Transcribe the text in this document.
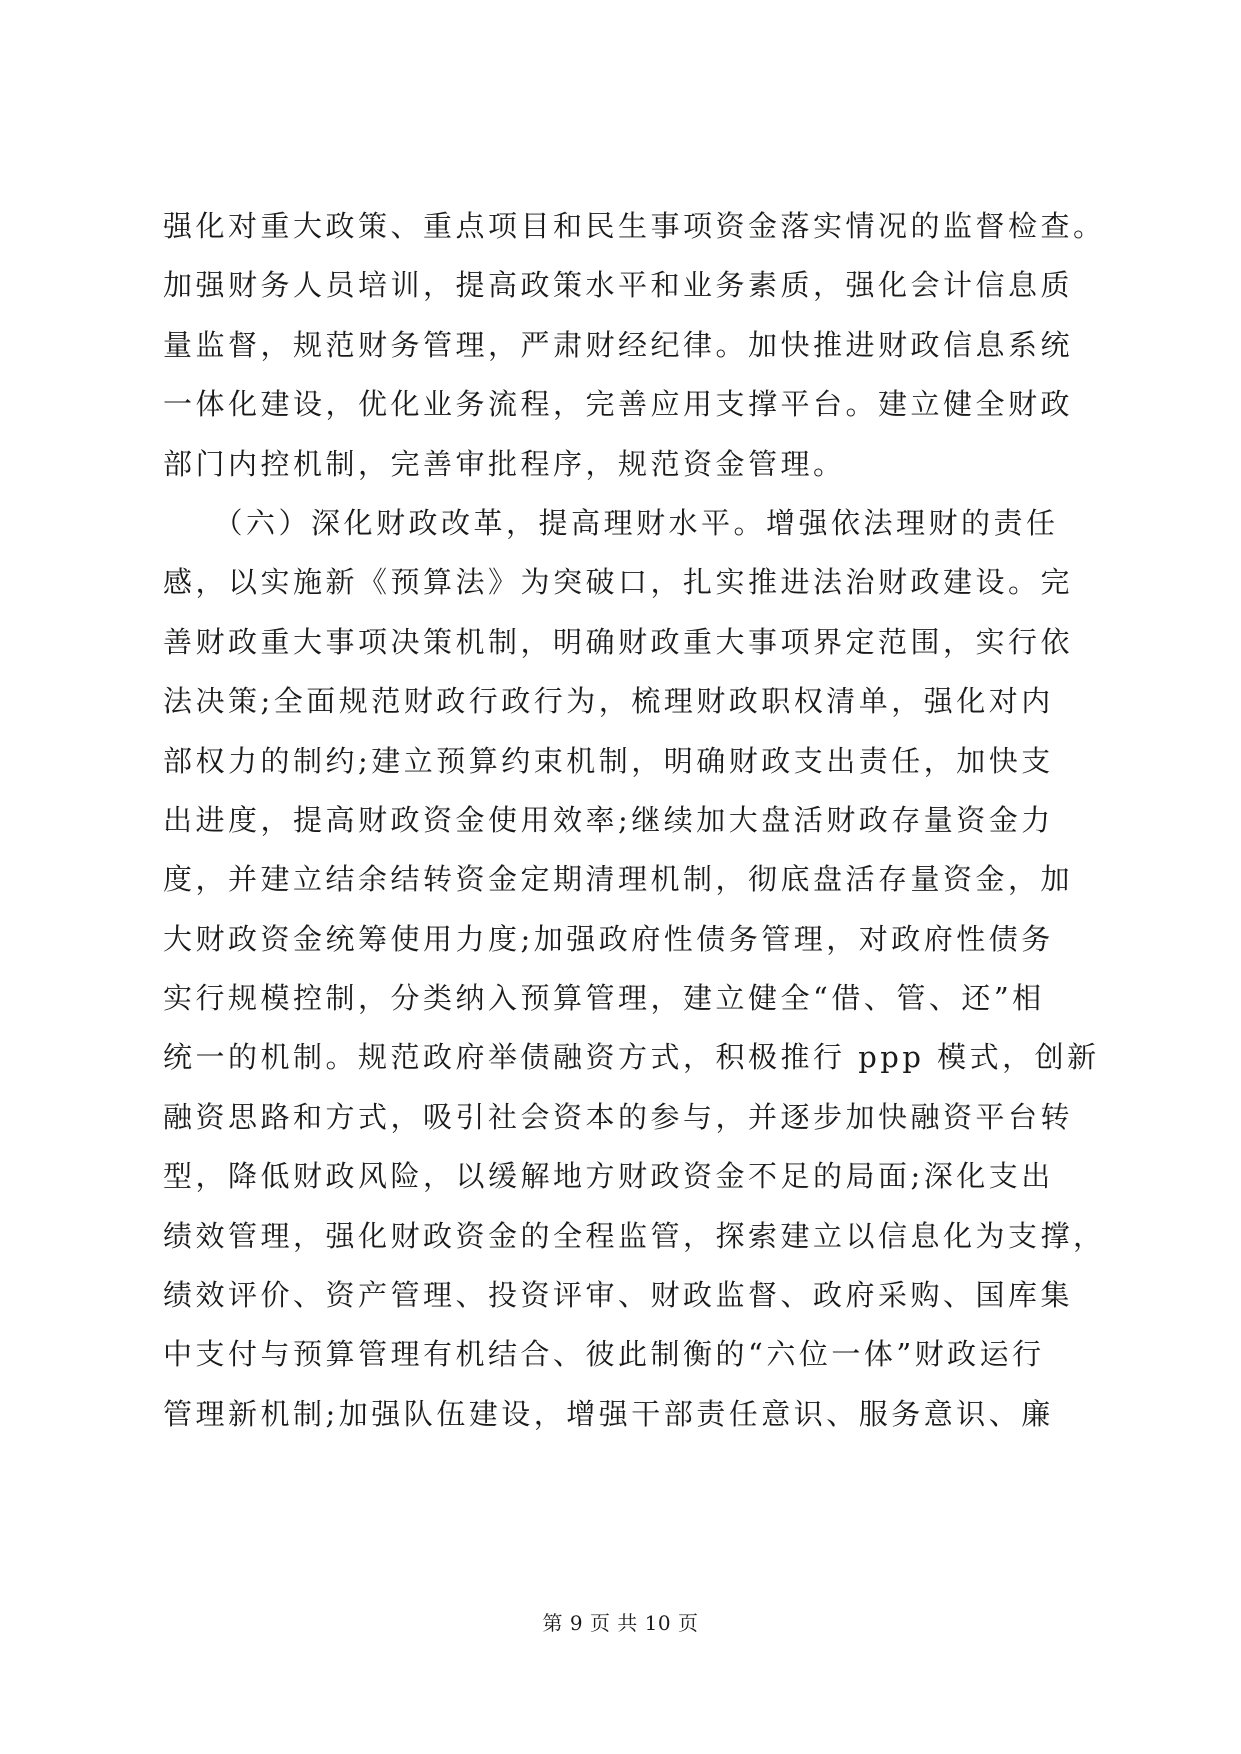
强化对重大政策、重点项目和民生事项资金落实情况的监督检查。
加强财务人员培训，提高政策水平和业务素质，强化会计信息质
量监督，规范财务管理，严肃财经纪律。加快推进财政信息系统
一体化建设，优化业务流程，完善应用支撑平台。建立健全财政
部门内控机制，完善审批程序，规范资金管理。
　　（六）深化财政改革，提高理财水平。增强依法理财的责任
感，以实施新《预算法》为突破口，扎实推进法治财政建设。完
善财政重大事项决策机制，明确财政重大事项界定范围，实行依
法决策;全面规范财政行政行为，梳理财政职权清单，强化对内
部权力的制约;建立预算约束机制，明确财政支出责任，加快支
出进度，提高财政资金使用效率;继续加大盘活财政存量资金力
度，并建立结余结转资金定期清理机制，彻底盘活存量资金，加
大财政资金统筹使用力度;加强政府性债务管理，对政府性债务
实行规模控制，分类纳入预算管理，建立健全“借、管、还”相
统一的机制。规范政府举债融资方式，积极推行 ppp 模式，创新
融资思路和方式，吸引社会资本的参与，并逐步加快融资平台转
型，降低财政风险，以缓解地方财政资金不足的局面;深化支出
绩效管理，强化财政资金的全程监管，探索建立以信息化为支撑，
绩效评价、资产管理、投资评审、财政监督、政府采购、国库集
中支付与预算管理有机结合、彼此制衡的“六位一体”财政运行
管理新机制;加强队伍建设，增强干部责任意识、服务意识、廉
第 9 页 共 10 页
